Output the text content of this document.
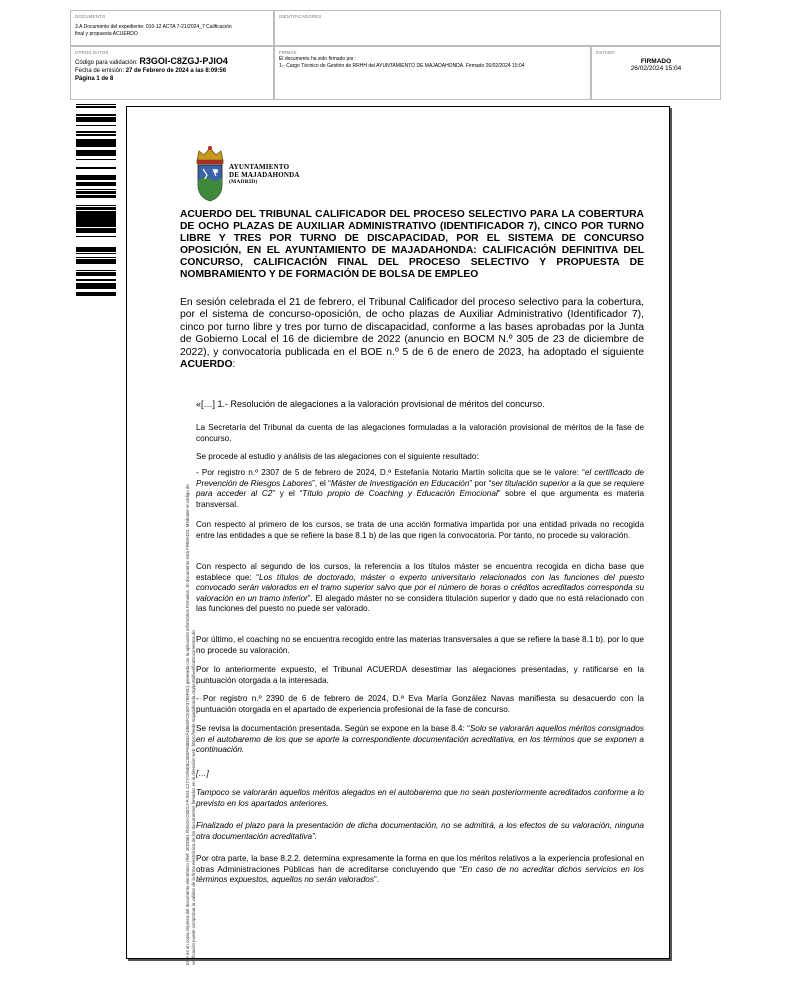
DOCUMENTO
3.A Documento del expediente: 010-12 ACTA 7-21/2024_7 Calificación
final y propuesta ACUERDO
IDENTIFICADORES
OTROS DATOS
Código para validación: R3GOI-C8ZGJ-PJIO4
Fecha de emisión: 27 de Febrero de 2024 a las 8:09:56
Página 1 de 8
FIRMAS
El documento ha sido firmado por :
1.- Cargo Técnico de Gestión de RRHH del AYUNTAMIENTO DE MAJADAHONDA. Firmado 26/02/2024 15:04
ESTADO
FIRMADO
26/02/2024 15:04
Este es un copia impresa del documento electrónico (Ref: 2023961 R3GOI-C8ZGJ-PJIO4 C1TYC8NE5C3E0F948832AD5E5FC51EF3786F8C) generada con la aplicación informática Firmadoc. El documento está FIRMADO. Mediante el código de verificación puede comprobar la validez de la firma electrónica de los documentos firmados en la dirección web: https://sede.majadahonda.org/portal/verificaDocumentos.do
AYUNTAMIENTO
DE MAJADAHONDA
(MADRID)
ACUERDO DEL TRIBUNAL CALIFICADOR DEL PROCESO SELECTIVO PARA LA COBERTURA DE OCHO PLAZAS DE AUXILIAR ADMINISTRATIVO (IDENTIFICADOR 7), CINCO POR TURNO LIBRE Y TRES POR TURNO DE DISCAPACIDAD, POR EL SISTEMA DE CONCURSO OPOSICIÓN, EN EL AYUNTAMIENTO DE MAJADAHONDA: CALIFICACIÓN DEFINITIVA DEL CONCURSO, CALIFICACIÓN FINAL DEL PROCESO SELECTIVO Y PROPUESTA DE NOMBRAMIENTO Y DE FORMACIÓN DE BOLSA DE EMPLEO
En sesión celebrada el 21 de febrero, el Tribunal Calificador del proceso selectivo para la cobertura, por el sistema de concurso-oposición, de ocho plazas de Auxiliar Administrativo (Identificador 7), cinco por turno libre y tres por turno de discapacidad, conforme a las bases aprobadas por la Junta de Gobierno Local el 16 de diciembre de 2022 (anuncio en BOCM N.º 305 de 23 de diciembre de 2022), y convocatoria publicada en el BOE n.º 5 de 6 de enero de 2023, ha adoptado el siguiente ACUERDO:
«[…] 1.- Resolución de alegaciones a la valoración provisional de méritos del concurso.
La Secretaría del Tribunal da cuenta de las alegaciones formuladas a la valoración provisional de méritos de la fase de concurso.
Se procede al estudio y análisis de las alegaciones con el siguiente resultado:
- Por registro n.º 2307 de 5 de febrero de 2024, D.ª Estefanía Notario Martín solicita que se le valore: “el certificado de Prevención de Riesgos Labores”, el “Máster de Investigación en Educación” por “ser titulación superior a la que se requiere para acceder al C2” y el “Título propio de Coaching y Educación Emocional” sobre el que argumenta es materia transversal.
Con respecto al primero de los cursos, se trata de una acción formativa impartida por una entidad privada no recogida entre las entidades a que se refiere la base 8.1 b) de las que rigen la convocatoria. Por tanto, no procede su valoración.
Con respecto al segundo de los cursos, la referencia a los títulos máster se encuentra recogida en dicha base que establece que: “Los títulos de doctorado, máster o experto universitario relacionados con las funciones del puesto convocado serán valorados en el tramo superior salvo que por el número de horas o créditos acreditados corresponda su valoración en un tramo inferior”. El alegado máster no se considera titulación superior y dado que no está relacionado con las funciones del puesto no puede ser valorado.
Por último, el coaching no se encuentra recogido entre las materias transversales a que se refiere la base 8.1 b). por lo que no procede su valoración.
Por lo anteriormente expuesto, el Tribunal ACUERDA desestimar las alegaciones presentadas, y ratificarse en la puntuación otorgada a la interesada.
- Por registro n.º 2390 de 6 de febrero de 2024, D.ª Eva María González Navas manifiesta su desacuerdo con la puntuación otorgada en el apartado de experiencia profesional de la fase de concurso.
Se revisa la documentación presentada. Según se expone en la base 8.4: “Solo se valorarán aquellos méritos consignados en el autobaremo de los que se aporte la correspondiente documentación acreditativa, en los términos que se exponen a continuación.
[…]
Tampoco se valorarán aquellos méritos alegados en el autobaremo que no sean posteriormente acreditados conforme a lo previsto en los apartados anteriores.
Finalizado el plazo para la presentación de dicha documentación, no se admitirá, a los efectos de su valoración, ninguna otra documentación acreditativa”.
Por otra parte, la base 8.2.2. determina expresamente la forma en que los méritos relativos a la experiencia profesional en otras Administraciones Públicas han de acreditarse concluyendo que “En caso de no acreditar dichos servicios en los términos expuestos, aquellos no serán valorados”.
